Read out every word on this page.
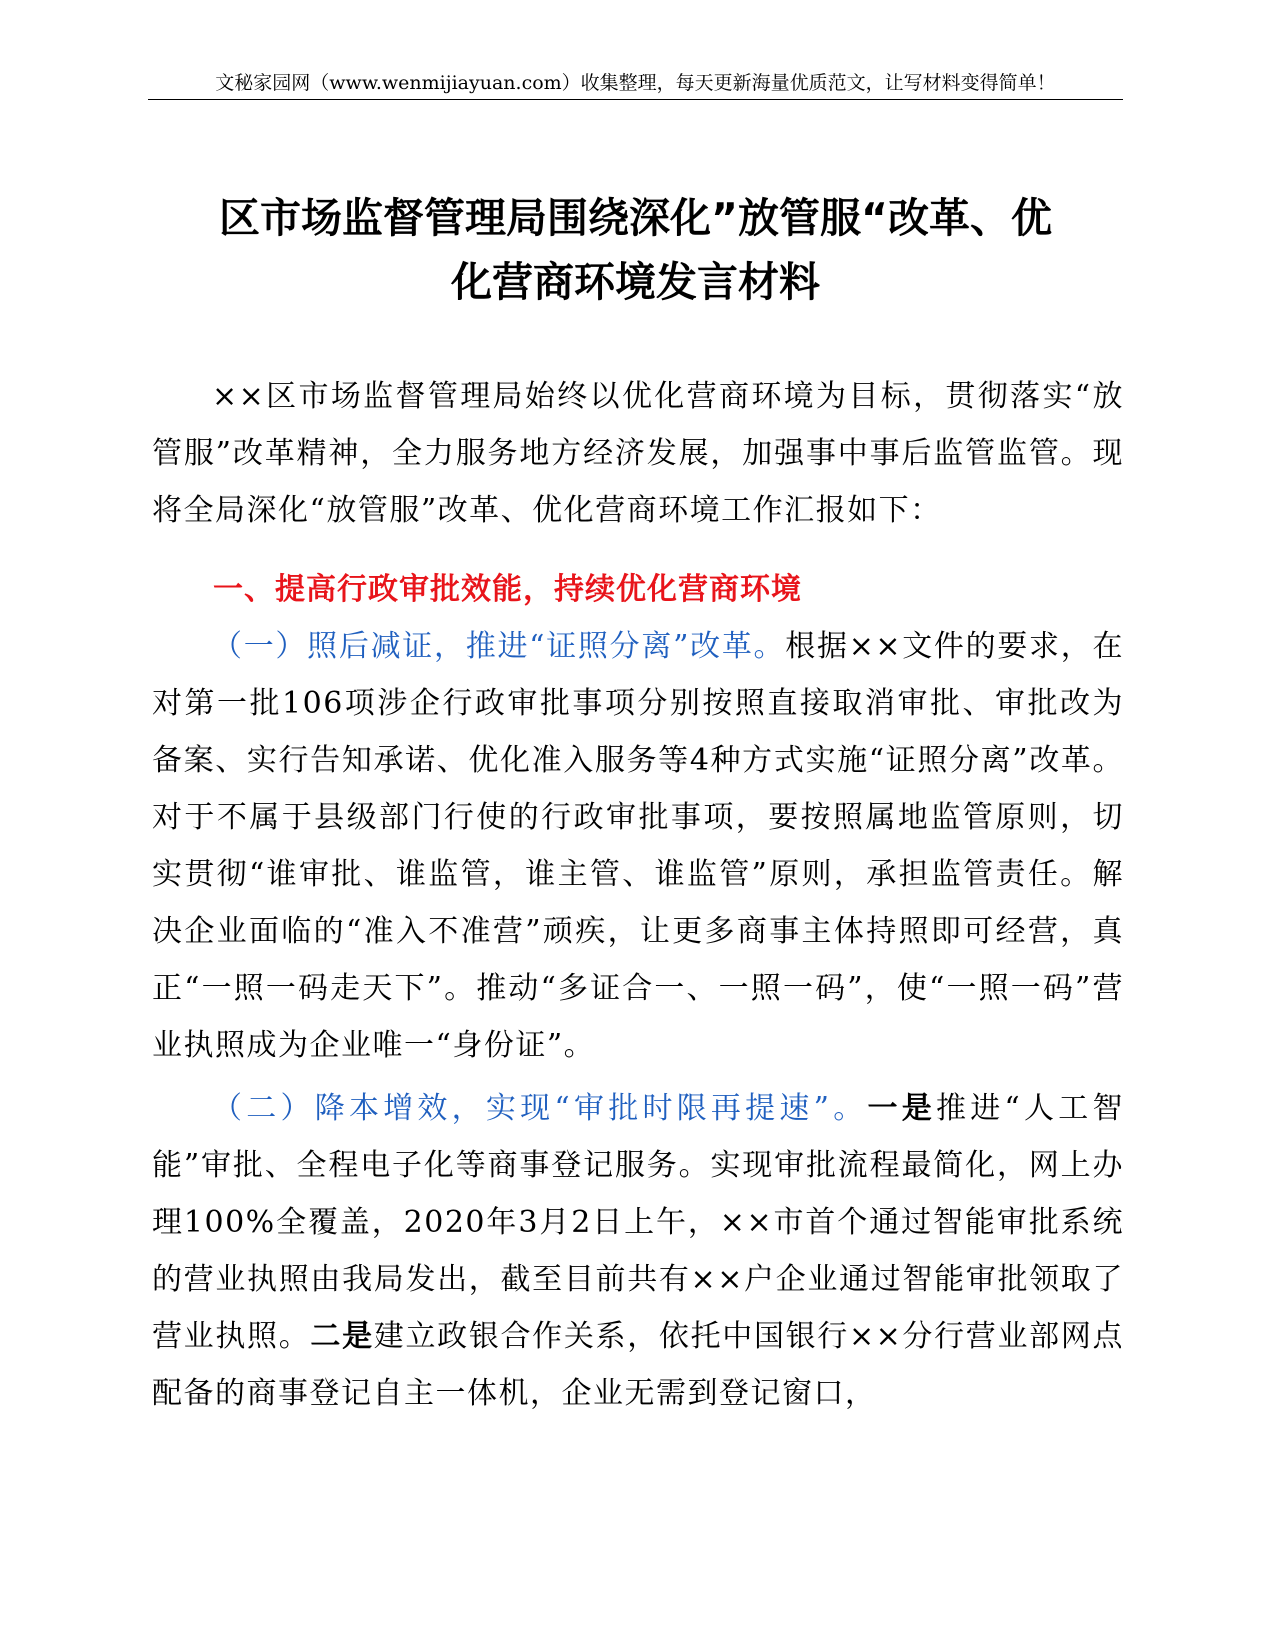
文秘家园网（www.wenmijiayuan.com）收集整理，每天更新海量优质范文，让写材料变得简单！
区市场监督管理局围绕深化”放管服“改革、优
化营商环境发言材料

××区市场监督管理局始终以优化营商环境为目标，贯彻落实“放管服”改革精神，全力服务地方经济发展，加强事中事后监管监管。现将全局深化“放管服”改革、优化营商环境工作汇报如下：

一、提高行政审批效能，持续优化营商环境

（一）照后减证，推进“证照分离”改革。根据××文件的要求，在对第一批106项涉企行政审批事项分别按照直接取消审批、审批改为备案、实行告知承诺、优化准入服务等4种方式实施“证照分离”改革。对于不属于县级部门行使的行政审批事项，要按照属地监管原则，切实贯彻“谁审批、谁监管，谁主管、谁监管”原则，承担监管责任。解决企业面临的“准入不准营”顽疾，让更多商事主体持照即可经营，真正“一照一码走天下”。推动“多证合一、一照一码”，使“一照一码”营业执照成为企业唯一“身份证”。

（二）降本增效，实现“审批时限再提速”。一是推进“人工智能”审批、全程电子化等商事登记服务。实现审批流程最简化，网上办理100%全覆盖，2020年3月2日上午，××市首个通过智能审批系统的营业执照由我局发出，截至目前共有××户企业通过智能审批领取了营业执照。二是建立政银合作关系，依托中国银行××分行营业部网点配备的商事登记自主一体机，企业无需到登记窗口，
